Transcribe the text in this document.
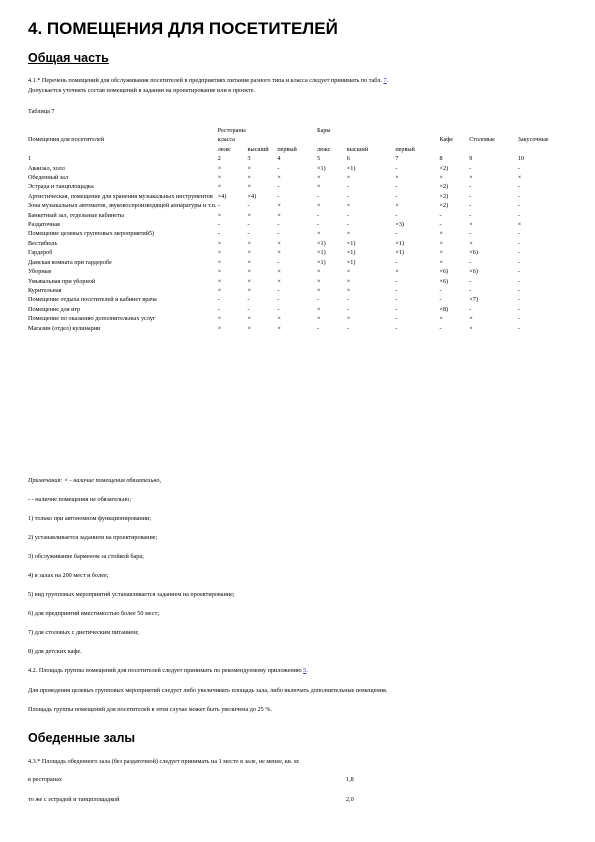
4. ПОМЕЩЕНИЯ ДЛЯ ПОСЕТИТЕЛЕЙ
Общая часть

4.1.* Перечень помещений для обслуживания посетителей в предприятиях питания разного типа и класса следует принимать по табл. 7.

Допускается уточнять состав помещений в задании на проектирование или в проекте.

Таблица 7

	Рестораны			Бары					
Помещения для посетителей	класса						Кафе	Столовые	Закусочные
	люкс	высший	первый	люкс	высший	первый			
1	2	3	4	5	6	7	8	9	10
Аванзал, холл	×	×	-	×1)	×1)	-	×2)	-	-
Обеденный зал	×	×	×	×	×	×	×	×	×
Эстрада и танцплощадка	×	×	-	×	-	-	×2)	-	-
Артистическая, помещение для хранения музыкальных инструментов	×4)	×4)	-	-	-	-	×2)	-	-
Зона музыкальных автоматов, звуковоспроизводящей аппаратуры и т.п.	-	-	×	×	×	×	×2)	-	-
Банкетный зал, отдельные кабинеты	×	×	×	-	-	-	-	-	-
Раздаточная	-	-	-	-	-	×3)	-	×	×
Помещение целевых групповых мероприятий5)	-	-	-	×	×	-	×	-	-
Вестибюль	×	×	×	×1)	×1)	×1)	×	×	-
Гардероб	×	×	×	×1)	×1)	×1)	×	×6)	-
Дамская комната при гардеробе	×	×	-	×1)	×1)	-	×	-	-
Уборные	×	×	×	×	×	×	×6)	×6)	-
Умывальная при уборной	×	×	×	×	×	-	×6)	-	-
Курительная	×	×	-	×	×	-	-	-	-
Помещение отдыха посетителей и кабинет врача	-	-	-	-	-	-	-	×7)	-
Помещение для игр	-	-	-	×	-	-	×8)	-	-
Помещение по оказанию дополнительных услуг	×	×	×	×	×	-	×	×	-
Магазин (отдел) кулинарии	×	×	×	-	-	-	-	×	-

Примечания: × - наличие помещения обязательно,

- - наличие помещения не обязательно;

1) только при автономном функционировании;

2) устанавливается заданием на проектирование;

3) обслуживание барменом за стойкой бара;

4) в залах на 200 мест и более;

5) вид групповых мероприятий устанавливается заданием на проектирование;

6) для предприятий вместимостью более 50 мест;

7) для столовых с диетическим питанием;

8) для детских кафе.

4.2. Площадь группы помещений для посетителей следует принимать по рекомендуемому приложению 5.

Для проведения целевых групповых мероприятий следует либо увеличивать площадь зала, либо включать дополнительные помещения.

Площадь группы помещений для посетителей в этом случае может быть увеличена до 25 %.

Обеденные залы

4.3.* Площадь обеденного зала (без раздаточной) следует принимать на 1 место в зале, не менее, кв. м:

в ресторанах	1,8
то же с эстрадой и танцплощадкой	2,0
